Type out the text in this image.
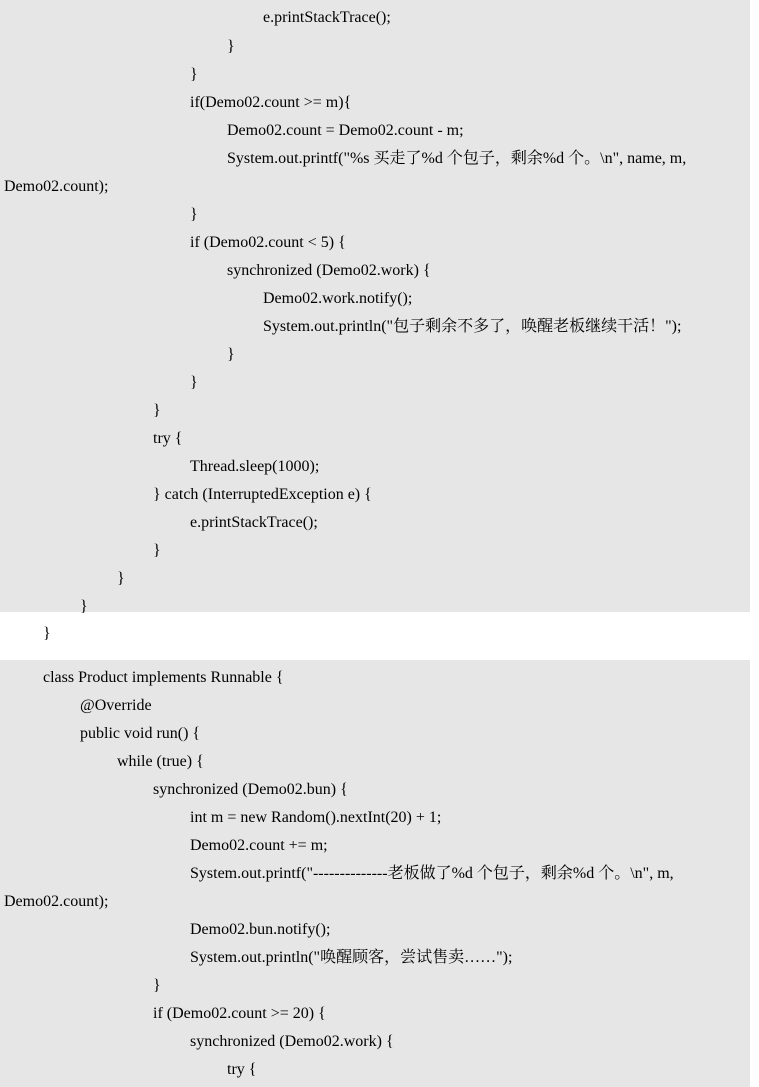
e.printStackTrace();
}
}
if(Demo02.count >= m){
Demo02.count = Demo02.count - m;
System.out.printf("%s 买走了%d 个包子，剩余%d 个。\n", name, m,
Demo02.count);
}
if (Demo02.count < 5) {
synchronized (Demo02.work) {
Demo02.work.notify();
System.out.println("包子剩余不多了，唤醒老板继续干活！");
}
}
}
try {
Thread.sleep(1000);
} catch (InterruptedException e) {
e.printStackTrace();
}
}
}
}
class Product implements Runnable {
@Override
public void run() {
while (true) {
synchronized (Demo02.bun) {
int m = new Random().nextInt(20) + 1;
Demo02.count += m;
System.out.printf("--------------老板做了%d 个包子，剩余%d 个。\n", m,
Demo02.count);
Demo02.bun.notify();
System.out.println("唤醒顾客，尝试售卖……");
}
if (Demo02.count >= 20) {
synchronized (Demo02.work) {
try {
